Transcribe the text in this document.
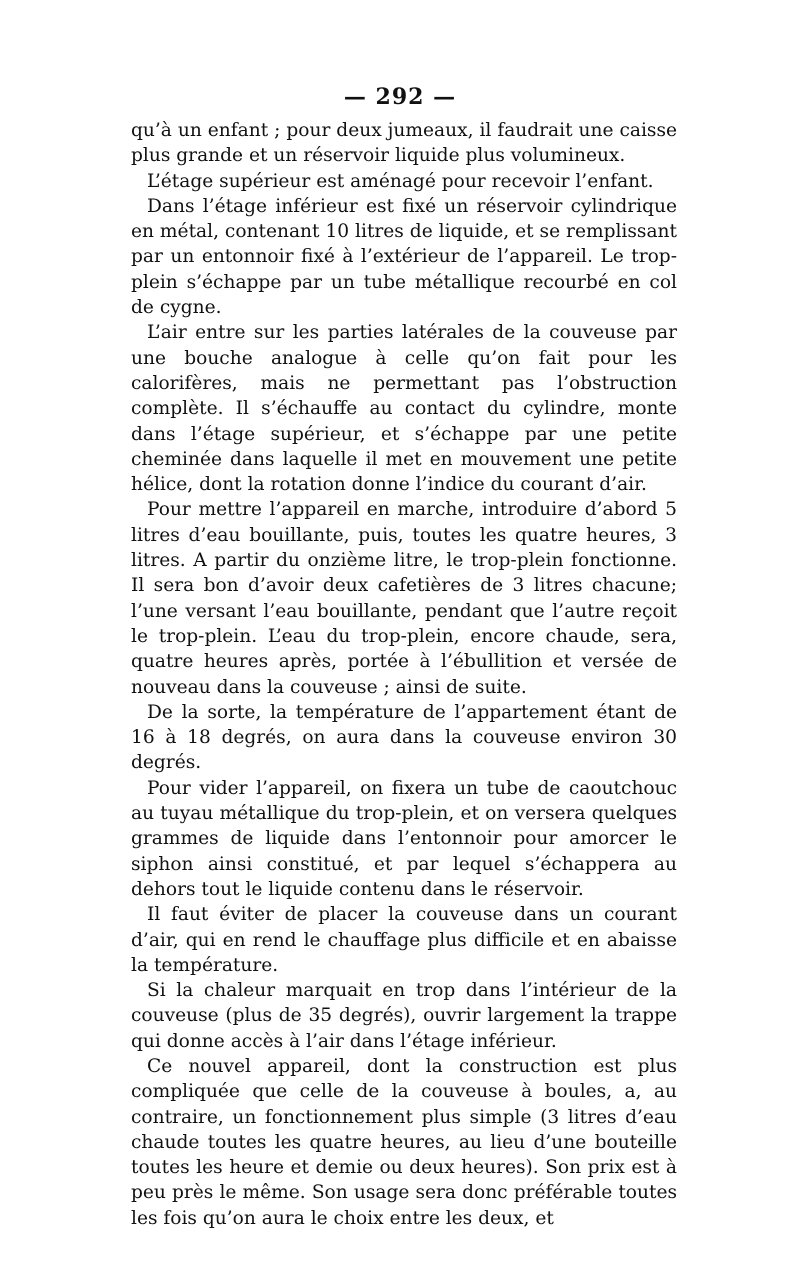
— 292 —

qu’à un enfant ; pour deux jumeaux, il faudrait une caisse plus grande et un réservoir liquide plus volumineux.

L’étage supérieur est aménagé pour recevoir l’enfant.

Dans l’étage inférieur est fixé un réservoir cylindrique en métal, contenant 10 litres de liquide, et se remplissant par un entonnoir fixé à l’extérieur de l’appareil. Le trop-plein s’échappe par un tube métallique recourbé en col de cygne.

L’air entre sur les parties latérales de la couveuse par une bouche analogue à celle qu’on fait pour les calorifères, mais ne permettant pas l’obstruction complète. Il s’échauffe au contact du cylindre, monte dans l’étage supérieur, et s’échappe par une petite cheminée dans laquelle il met en mouvement une petite hélice, dont la rotation donne l’indice du courant d’air.

Pour mettre l’appareil en marche, introduire d’abord 5 litres d’eau bouillante, puis, toutes les quatre heures, 3 litres. A partir du onzième litre, le trop-plein fonctionne. Il sera bon d’avoir deux cafetières de 3 litres chacune; l’une versant l’eau bouillante, pendant que l’autre reçoit le trop-plein. L’eau du trop-plein, encore chaude, sera, quatre heures après, portée à l’ébullition et versée de nouveau dans la couveuse ; ainsi de suite.

De la sorte, la température de l’appartement étant de 16 à 18 degrés, on aura dans la couveuse environ 30 degrés.

Pour vider l’appareil, on fixera un tube de caoutchouc au tuyau métallique du trop-plein, et on versera quelques grammes de liquide dans l’entonnoir pour amorcer le siphon ainsi constitué, et par lequel s’échappera au dehors tout le liquide contenu dans le réservoir.

Il faut éviter de placer la couveuse dans un courant d’air, qui en rend le chauffage plus difficile et en abaisse la température.

Si la chaleur marquait en trop dans l’intérieur de la couveuse (plus de 35 degrés), ouvrir largement la trappe qui donne accès à l’air dans l’étage inférieur.

Ce nouvel appareil, dont la construction est plus compliquée que celle de la couveuse à boules, a, au contraire, un fonctionnement plus simple (3 litres d’eau chaude toutes les quatre heures, au lieu d’une bouteille toutes les heure et demie ou deux heures). Son prix est à peu près le même. Son usage sera donc préférable toutes les fois qu’on aura le choix entre les deux, et
